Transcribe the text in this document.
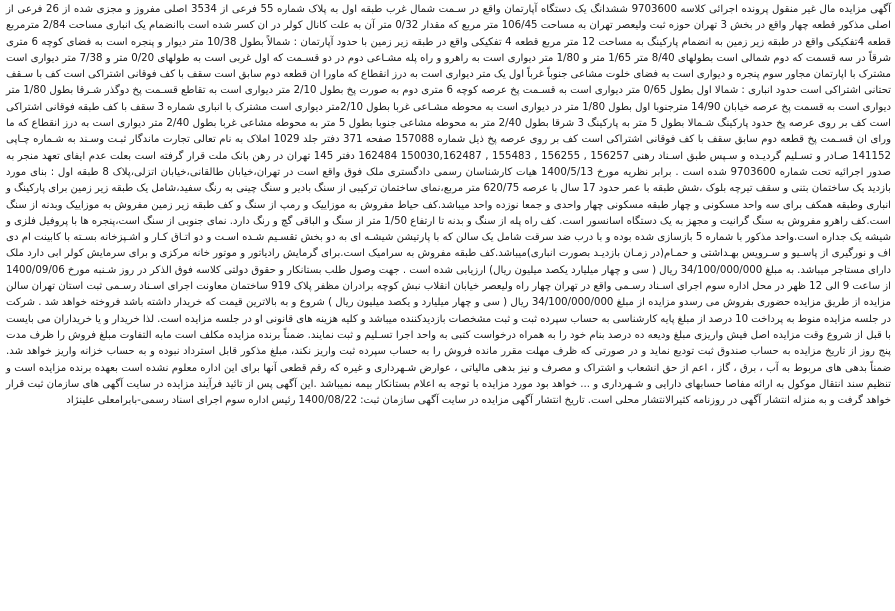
آگهی مزایده مال غیر منقول پرونده اجرائی کلاسه 9703600 ششدانگ یک دستگاه آپارتمان واقع در سـمت شمال غرب طبقه اول به پلاک شماره 55 فرعی از 3534 اصلی مفروز و مجزی شده از 26 فرعی از اصلی مذکور قطعه چهار واقع در بخش 3 تهران حوزه ثبت ولیعصر تهران به مساحت 106/45 متر مربع که مقدار 0/32 متر آن به علت کانال کولر در ان کسر شده است باانضمام یک انباری مساحت 2/84 مترمربع قطعه 4تفکیکی واقع در طبقه زیر زمین به انضمام پارکینگ به مساحت 12 متر مربع قطعه 4 تفکیکی واقع در طبقه زیر زمین با حدود آپارتمان : شمالاً بطول 10/38 متر دیوار و پنجره است به فضای کوچه 6 متری شرقاً در سه قسمت که دوم شمالی است بطولهای 8/40 متر 1/65 متر و 1/80 متر دیواری است به راهرو و راه پله مشـاعی دوم در دو قسـمت که اول غربی است به طولهای 0/20 متر و 7/38 متر دیواری است مشترک با اپارتمان مجاور سوم پنجره و دیواری است به فضای خلوت مشاعی جنوباً غرباً اول یک متر دیواری است به درز انقطاع که ماورا ان قطعه دوم سابق است سقف با کف فوقانی اشتراکی است کف با سـقف تحتانی اشتراکی است حدود انباری : شمالا اول بطول 0/65 متر دیواری است به قسـمت پخ عرصه کوچه 6 متری دوم به صورت پخ بطول 2/10 متر دیواری است به تقاطع قسـمت پخ دوگذر شـرقا بطول 1/80 متر دیواری است به قسمت پخ عرصه خیابان 14/90 مترجنوبا اول بطول 1/80 متر در دیواری است به محوطه مشـاعی غربا بطول 2/10متر دیواری است مشترک با انباری شماره 3 سقف با کف طبقه فوقانی اشتراکی است کف بر روی عرصه پخ حدود پارکینگ شـمالا بطول 5 متر به پارکینگ 3 شرقا بطول 2/40 متر به محوطه مشاعی جنوبا بطول 5 متر به محوطه مشاعی غربا بطول 2/40 متر دیواری است به درز انقطاع که ما ورای ان قسـمت پخ قطعه دوم سابق سقف با کف فوقانی اشتراکی است کف بر روی عرصه پخ ذیل شماره 157088 صفحه 371 دفتر جلد 1029 املاک به نام تعالی تجارت ماندگار ثبـت وسـند به شـماره چـاپی 141152 صـادر و تسـلیم گردیـده و سـپس طبق اسـناد رهنی 156257 , 156255 , 155483 , 150030,162487 162484 دفتر 145 تهران در رهن بانک ملت قرار گرفته است بعلت عدم ایفای تعهد منجر به صدور اجرائیه تحت شماره 9703600 شده است . برابر نظریه مورخ 1400/5/13 هیات کارشناسان رسمی دادگستری ملک فوق واقع است در تهران،خیابان طالقانی،خیابان اتزلی،پلاک 8 طبقه اول : بنای مورد بازدید یک ساختمان بتنی و سقف تیرچه بلوک ،شش طبقه با عمر حدود 17 سال با عرصه 620/75 متر مربع،نمای ساختمان ترکیبی از سنگ بادیر و سنگ چینی به رنگ سفید،شامل یک طبقه زیر زمین برای پارکینگ و انباری وطبقه همکف برای سه واحد مسکونی و چهار طبقه مسکونی چهار واحدی و جمعا نوزده واحد میباشد.کف حیاط مفروش به موزاییک و رمپ از سنگ و کف طبقه زیر زمین مفروش به موزاییک وبدنه از سنگ است.کف راهرو مفروش به سنگ گرانیت و مجهز به یک دستگاه اسانسور است. کف راه پله از سنگ و بدنه تا ارتفاع 1/50 متر از سنگ و الباقی گچ و رنگ دارد. نمای جنوبی از سنگ است،پنجره ها با پروفیل فلزی و شیشه یک جداره است.واحد مذکور با شماره 5 بازسازی شده بوده و با درب ضد سرقت شامل یک سالن که با پارتیشن شیشـه ای به دو بخش تقسـیم شـده اسـت و دو اتـاق کـار و اشـپزخانه بسـته با کابینت ام دی اف و نورگیری از پاسـیو و سـرویس بهـداشتی و حمـام(در زمـان بازدیـد بصورت انباری)میباشد.کف طبقه مفروش به سرامیک است.برای گرمایش رادیاتور و موتور خانه مرکزی و برای سرمایش کولر ابی دارد ملک دارای مستاجر میباشد. به مبلغ 34/100/000/000 ریال ( سی و چهار میلیارد یکصد میلیون ریال) ارزیابی شده است . جهت وصول طلب بستانکار و حقوق دولتی کلاسه فوق الذکر در روز شـنبه مورخ 1400/09/06 از ساعت 9 الی 12 ظهر در محل اداره سوم اجرای اسـناد رسـمی واقع در تهران چهار راه ولیعصر خیابان انقلاب نبش کوچه برادران مظفر پلاک 919 ساختمان معاونت اجرای اسـناد رسـمی ثبت استان تهران سالن مزایده از طریق مزایده حضوری بفروش می رسدو مزایده از مبلغ 34/100/000/000 ریال ( سی و چهار میلیارد و یکصد میلیون ریال ) شروع و به بالاترین قیمت که خریدار داشته باشد فروخته خواهد شد . شرکت در جلسه مزایده منوط به پرداخت 10 درصد از مبلغ پایه کارشناسی به حساب سپرده ثبت و ثبت مشخصات بازدیدکننده میباشد و کلیه هزینه های قانونی او در جلسه مزایده است. لذا خریدار و یا خریداران می بایست با قبل از شروع وقت مزایده اصل فیش واریزی مبلغ ودیعه ده درصد بنام خود را به همراه درخواست کتبی به واحد اجرا تسـلیم و ثبت نمایند. ضمناً برنده مزایده مکلف است مابه التفاوت مبلغ فروش را ظرف مدت پنج روز از تاریخ مزایده به حساب صندوق ثبت تودیع نماید و در صورتی که ظرف مهلت مقرر مانده فروش را به حساب سپرده ثبت واریز نکند، مبلغ مذکور قابل استرداد نبوده و به حساب خزانه واریز خواهد شد. ضمناً بدهی های مربوط به آب ، برق ، گاز ، اعم از حق انشعاب و اشتراک و مصرف و نیز بدهی مالیاتی ، عوارض شـهرداری و غیره که رقم قطعی آنها برای این اداره معلوم نشده است بعهده برنده مزایده است و تنظیم سند انتقال موکول به ارائه مفاصا حسابهای دارایی و شـهرداری و ... خواهد بود مورد مزایده با توجه به اعلام بستانکار بیمه نمیباشد .این آگهی پس از تائید فرآیند مزایده در سایت آگهی های سازمان ثبت قرار خواهد گرفت و به منزله انتشار آگهی در روزنامه کثیرالانتشار محلی است. تاریخ انتشار آگهی مزایده در سایت آگهی سازمان ثبت: 1400/08/22 رئیس اداره سوم اجرای اسناد رسمی-بابرامعلی علینژاد
